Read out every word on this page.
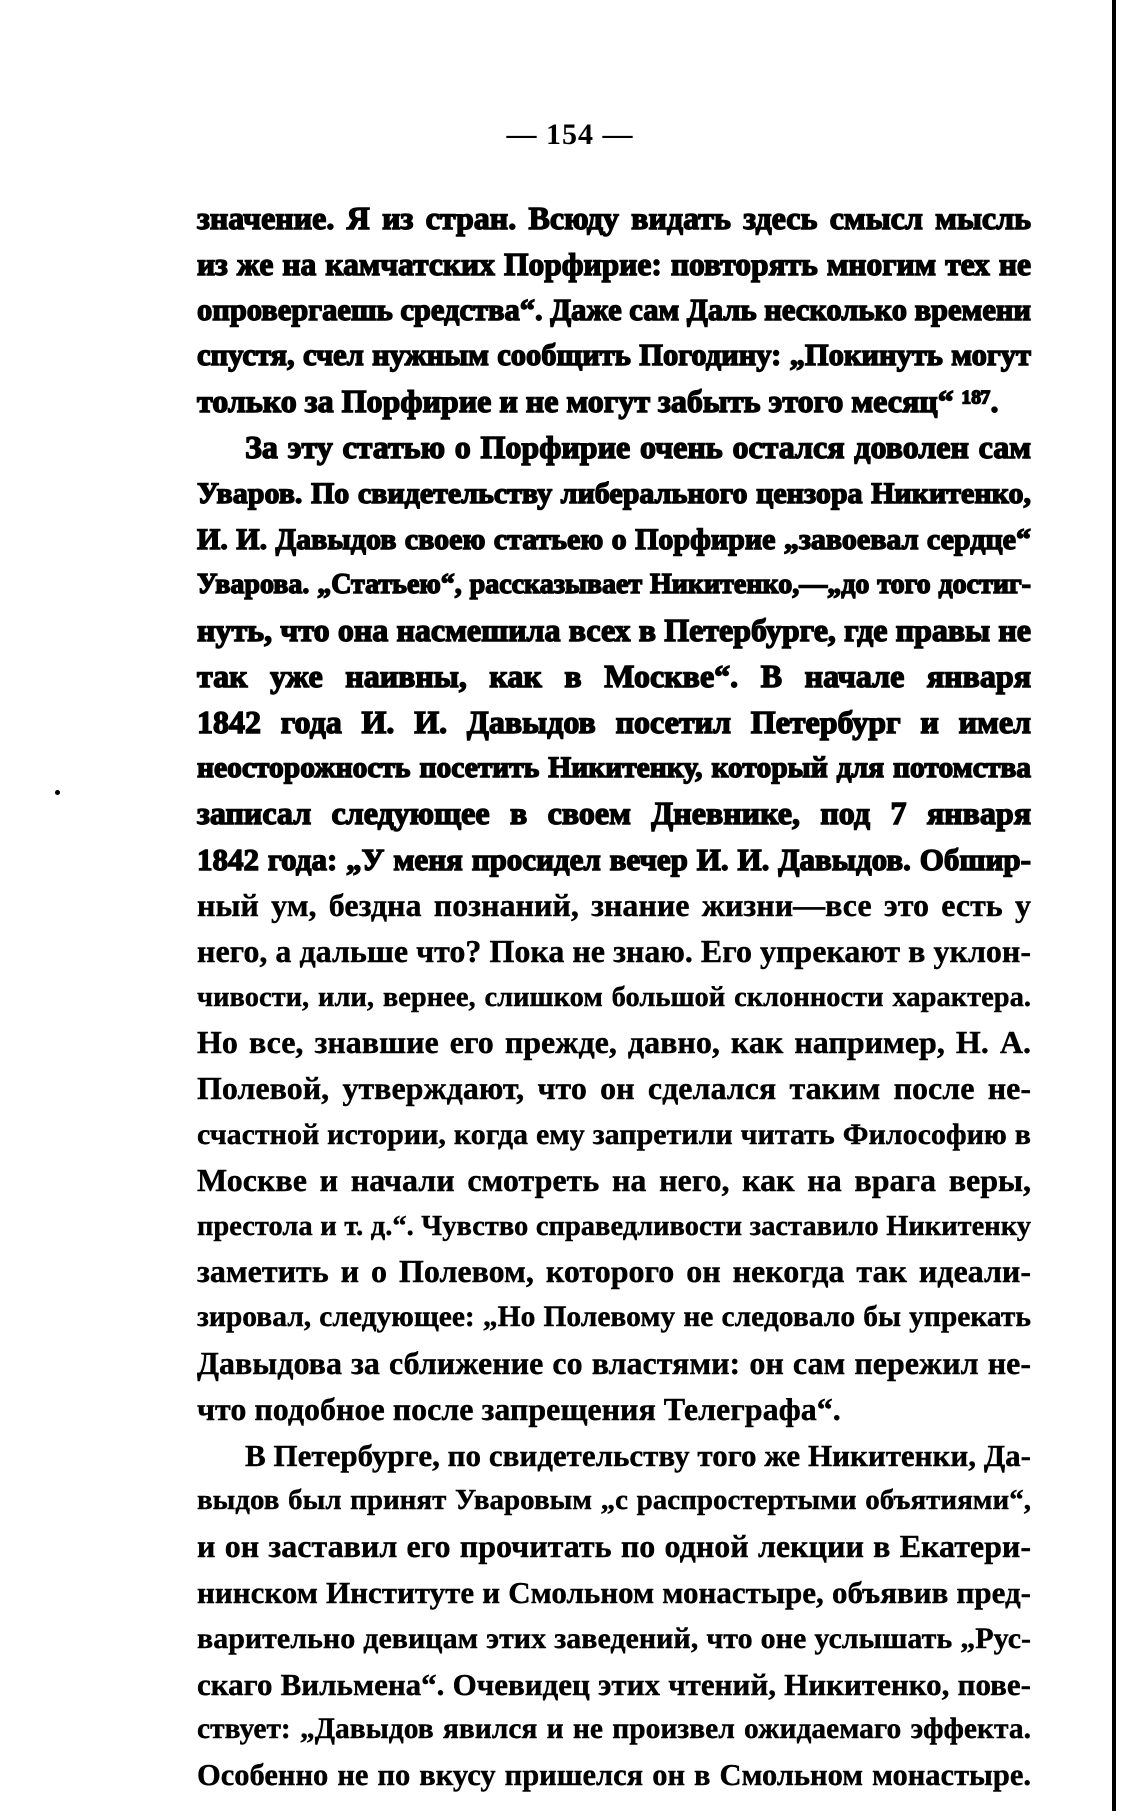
— 154 —
значение. Я из стран. Всюду видать здесь смысл мысль
из же на камчатских Порфирие: повторять многим тех не
опровергаешь средства“. Даже сам Даль несколько времени
спустя, счел нужным сообщить Погодину: „Покинуть могут
только за Порфирие и не могут забыть этого месяц“ ¹⁸⁷.
За эту статью о Порфирие очень остался доволен сам
Уваров. По свидетельству либерального цензора Никитенко,
И. И. Давыдов своею статьею о Порфирие „завоевал сердце“
Уварова. „Статьею“, рассказывает Никитенко,—„до того достиг-
нуть, что она насмешила всех в Петербурге, где правы не
так уже наивны, как в Москве“. В начале января
1842 года И. И. Давыдов посетил Петербург и имел
неосторожность посетить Никитенку, который для потомства
записал следующее в своем Дневнике, под 7 января
1842 года: „У меня просидел вечер И. И. Давыдов. Обшир-
ный ум, бездна познаний, знание жизни—все это есть у
него, а дальше что? Пока не знаю. Его упрекают в уклон-
чивости, или, вернее, слишком большой склонности характера.
Но все, знавшие его прежде, давно, как например, Н. А.
Полевой, утверждают, что он сделался таким после не-
счастной истории, когда ему запретили читать Философию в
Москве и начали смотреть на него, как на врага веры,
престола и т. д.“. Чувство справедливости заставило Никитенку
заметить и о Полевом, которого он некогда так идеали-
зировал, следующее: „Но Полевому не следовало бы упрекать
Давыдова за сближение со властями: он сам пережил не-
что подобное после запрещения Телеграфа“.
В Петербурге, по свидетельству того же Никитенки, Да-
выдов был принят Уваровым „с распростертыми объятиями“,
и он заставил его прочитать по одной лекции в Екатери-
нинском Институте и Смольном монастыре, объявив пред-
варительно девицам этих заведений, что оне услышать „Рус-
скаго Вильмена“. Очевидец этих чтений, Никитенко, пове-
ствует: „Давыдов явился и не произвел ожидаемаго эффекта.
Особенно не по вкусу пришелся он в Смольном монастыре.
